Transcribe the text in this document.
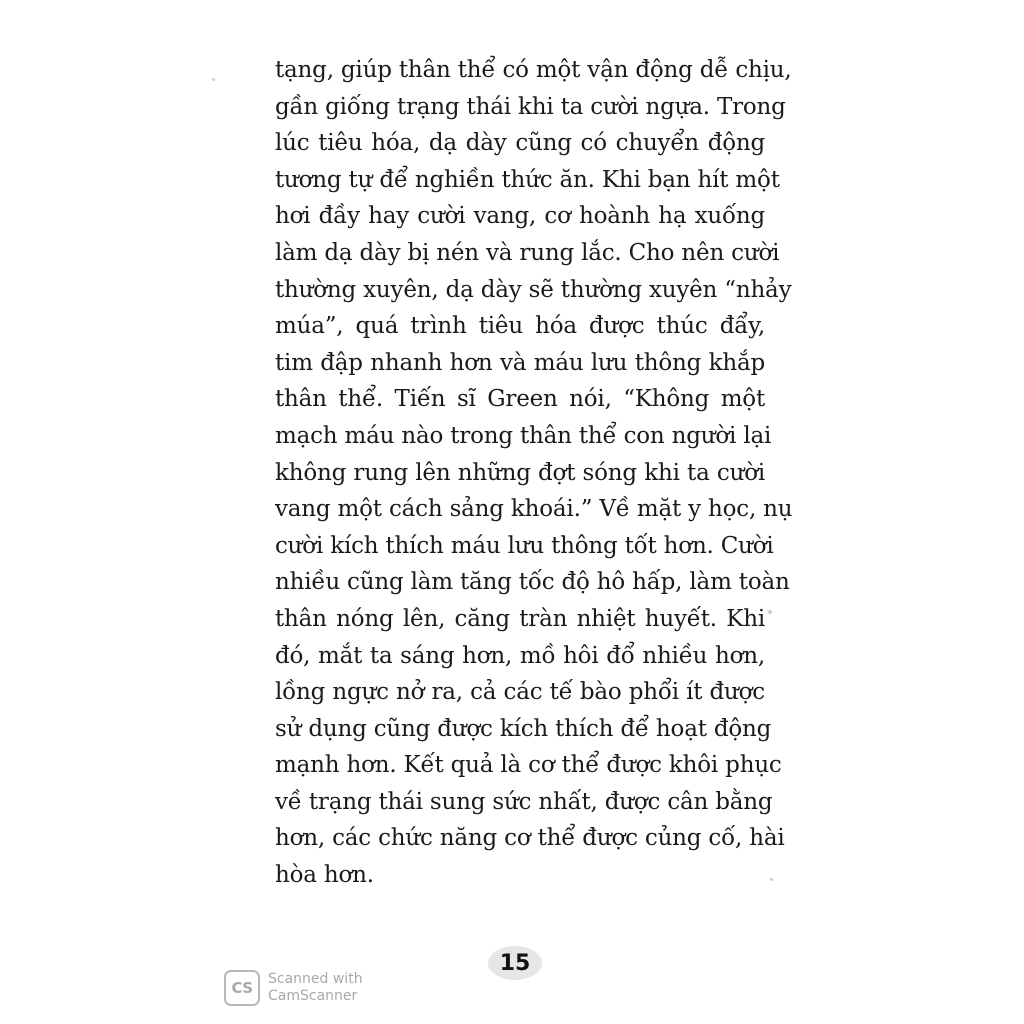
tạng, giúp thân thể có một vận động dễ chịu,
gần giống trạng thái khi ta cười ngựa. Trong
lúc tiêu hóa, dạ dày cũng có chuyển động
tương tự để nghiền thức ăn. Khi bạn hít một
hơi đầy hay cười vang, cơ hoành hạ xuống
làm dạ dày bị nén và rung lắc. Cho nên cười
thường xuyên, dạ dày sẽ thường xuyên “nhảy
múa”, quá trình tiêu hóa được thúc đẩy,
tim đập nhanh hơn và máu lưu thông khắp
thân thể. Tiến sĩ Green nói, “Không một
mạch máu nào trong thân thể con người lại
không rung lên những đợt sóng khi ta cười
vang một cách sảng khoái.” Về mặt y học, nụ
cười kích thích máu lưu thông tốt hơn. Cười
nhiều cũng làm tăng tốc độ hô hấp, làm toàn
thân nóng lên, căng tràn nhiệt huyết. Khi
đó, mắt ta sáng hơn, mồ hôi đổ nhiều hơn,
lồng ngực nở ra, cả các tế bào phổi ít được
sử dụng cũng được kích thích để hoạt động
mạnh hơn. Kết quả là cơ thể được khôi phục
về trạng thái sung sức nhất, được cân bằng
hơn, các chức năng cơ thể được củng cố, hài
hòa hơn.
15
CS	Scanned with
CamScanner
